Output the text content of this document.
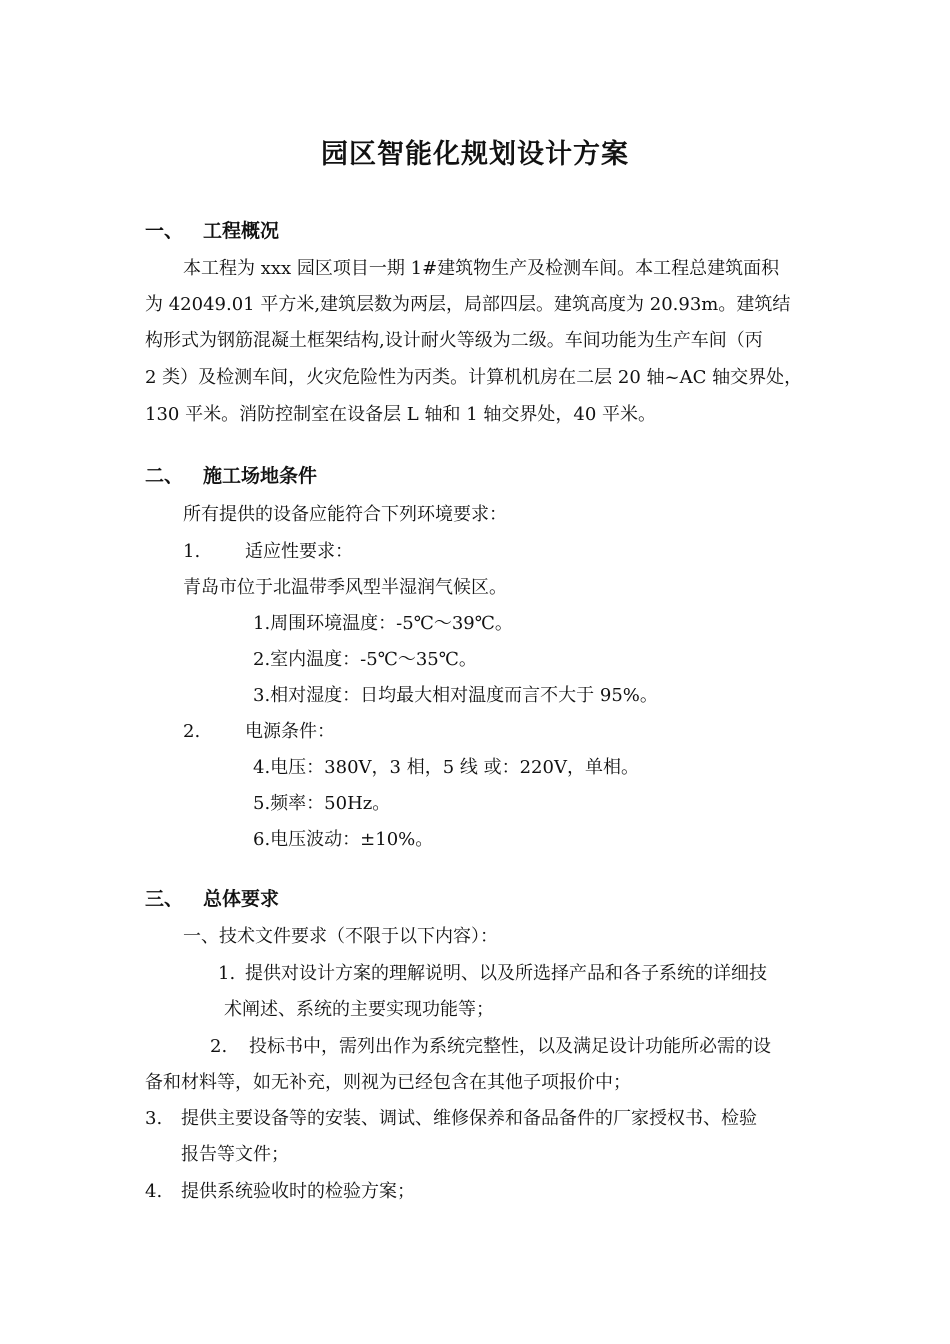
园区智能化规划设计方案
一、 工程概况
本工程为 xxx 园区项目一期 1#建筑物生产及检测车间。本工程总建筑面积
为 42049.01 平方米,建筑层数为两层，局部四层。建筑高度为 20.93m。建筑结
构形式为钢筋混凝土框架结构,设计耐火等级为二级。车间功能为生产车间（丙
2 类）及检测车间，火灾危险性为丙类。计算机机房在二层 20 轴~AC 轴交界处，
130 平米。消防控制室在设备层 L 轴和 1 轴交界处，40 平米。
二、 施工场地条件
所有提供的设备应能符合下列环境要求：
1. 适应性要求：
青岛市位于北温带季风型半湿润气候区。
1.周围环境温度：-5℃～39℃。
2.室内温度：-5℃～35℃。
3.相对湿度：日均最大相对温度而言不大于 95%。
2. 电源条件：
4.电压：380V，3 相，5 线 或：220V，单相。
5.频率：50Hz。
6.电压波动：±10%。
三、 总体要求
一、技术文件要求（不限于以下内容）：
1. 提供对设计方案的理解说明、以及所选择产品和各子系统的详细技
术阐述、系统的主要实现功能等；
2. 投标书中，需列出作为系统完整性，以及满足设计功能所必需的设
备和材料等，如无补充，则视为已经包含在其他子项报价中；
3. 提供主要设备等的安装、调试、维修保养和备品备件的厂家授权书、检验
报告等文件；
4. 提供系统验收时的检验方案；
